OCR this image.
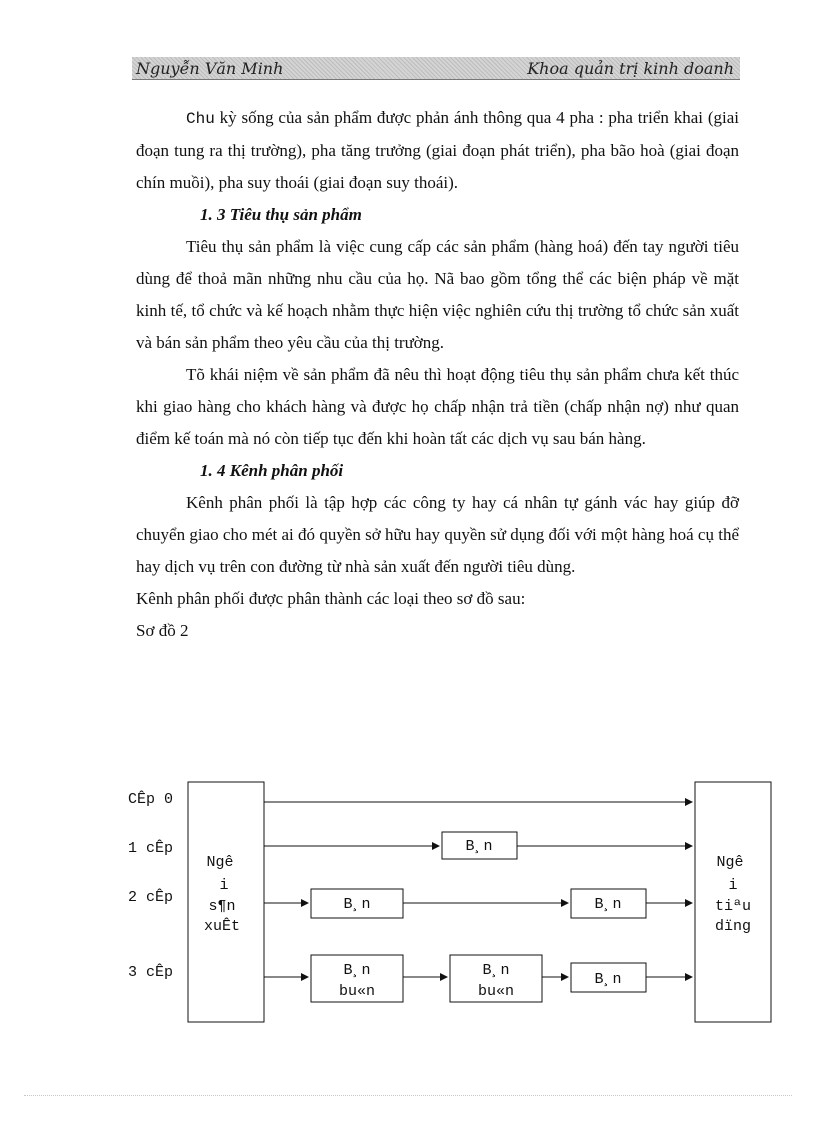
Nguyễn Văn Minh	Khoa quản trị kinh doanh

Chu kỳ sống của sản phẩm được phản ánh thông qua 4 pha : pha triển khai (giai đoạn tung ra thị trường), pha tăng trưởng (giai đoạn phát triển), pha bão hoà (giai đoạn chín muồi), pha suy thoái (giai đoạn suy thoái).

1. 3 Tiêu thụ sản phẩm

Tiêu thụ sản phẩm là việc cung cấp các sản phẩm (hàng hoá) đến tay người tiêu dùng để thoả mãn những nhu cầu của họ. Nã bao gồm tổng thể các biện pháp về mặt kinh tế, tổ chức và kế hoạch nhằm thực hiện việc nghiên cứu thị trường tổ chức sản xuất và bán sản phẩm theo yêu cầu của thị trường.

Tõ khái niệm về sản phẩm đã nêu thì hoạt động tiêu thụ sản phẩm chưa kết thúc khi giao hàng cho khách hàng và được họ chấp nhận trả tiền (chấp nhận nợ) như quan điểm kế toán mà nó còn tiếp tục đến khi hoàn tất các dịch vụ sau bán hàng.

1. 4 Kênh phân phối

Kênh phân phối là tập hợp các công ty hay cá nhân tự gánh vác hay giúp đỡ chuyển giao cho mét ai đó quyền sở hữu hay quyền sử dụng đối với một hàng hoá cụ thể hay dịch vụ trên con đường từ nhà sản xuất đến người tiêu dùng.

Kênh phân phối được phân thành các loại theo sơ đồ sau:

Sơ đồ 2

CÊp 0
1 cÊp
2 cÊp
3 cÊp
Ngê
i
s¶n
xuÊt
Ngê
i
tiªu
dïng
B¸n
B¸n	B¸n
B¸n
bu«n
B¸n
bu«n
B¸n
